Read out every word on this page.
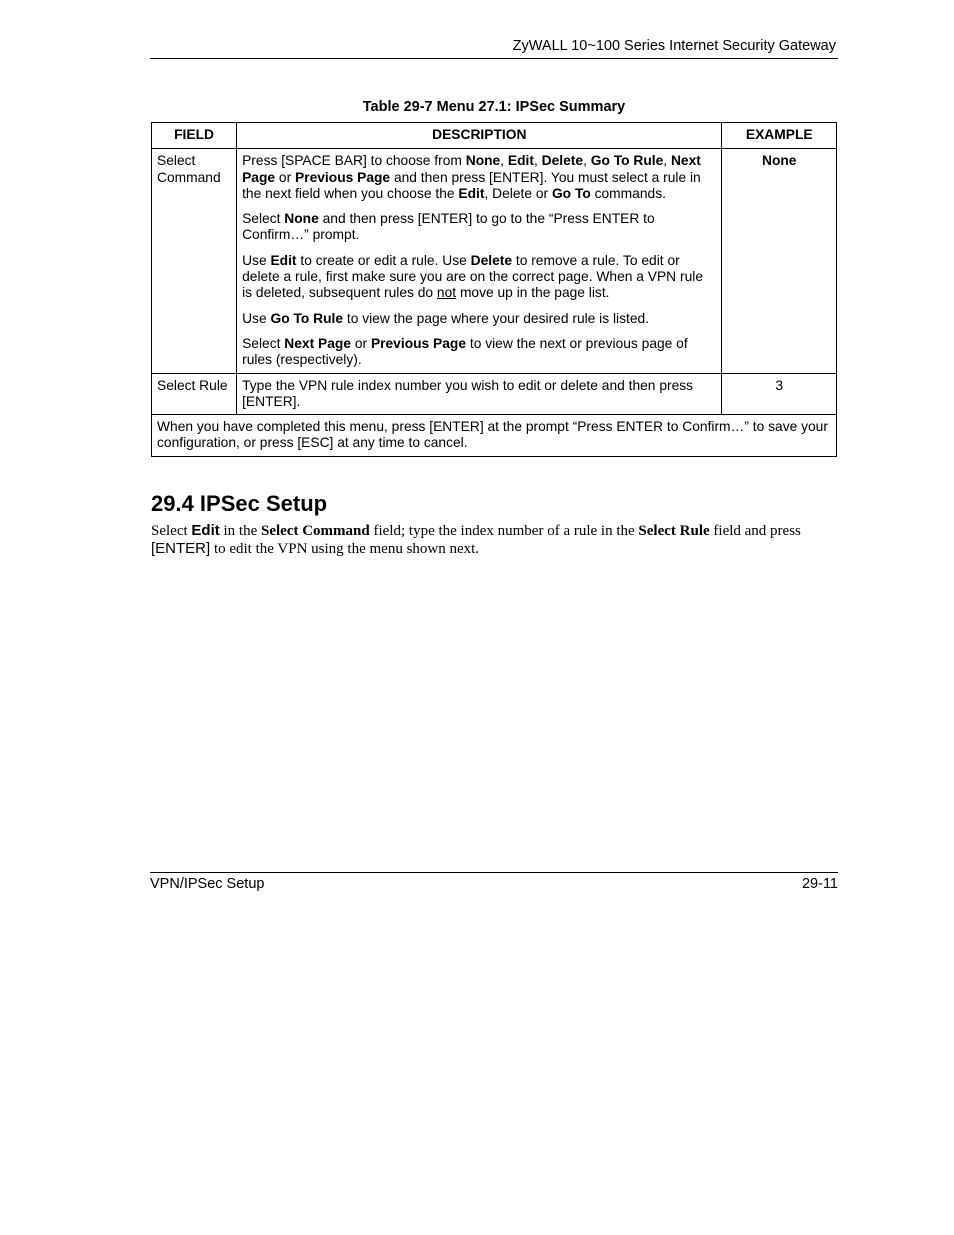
ZyWALL 10~100 Series Internet Security Gateway
Table 29-7 Menu 27.1: IPSec Summary
FIELD	DESCRIPTION	EXAMPLE
Select Command	Press [SPACE BAR] to choose from None, Edit, Delete, Go To Rule, Next Page or Previous Page and then press [ENTER]. You must select a rule in the next field when you choose the Edit, Delete or Go To commands.

Select None and then press [ENTER] to go to the “Press ENTER to Confirm…” prompt.

Use Edit to create or edit a rule. Use Delete to remove a rule. To edit or delete a rule, first make sure you are on the correct page. When a VPN rule is deleted, subsequent rules do not move up in the page list.

Use Go To Rule to view the page where your desired rule is listed.

Select Next Page or Previous Page to view the next or previous page of rules (respectively).	None
Select Rule	Type the VPN rule index number you wish to edit or delete and then press [ENTER].	3
When you have completed this menu, press [ENTER] at the prompt “Press ENTER to Confirm…” to save your configuration, or press [ESC] at any time to cancel.		
29.4 IPSec Setup
Select Edit in the Select Command field; type the index number of a rule in the Select Rule field and press [ENTER] to edit the VPN using the menu shown next.
VPN/IPSec Setup	29-11
